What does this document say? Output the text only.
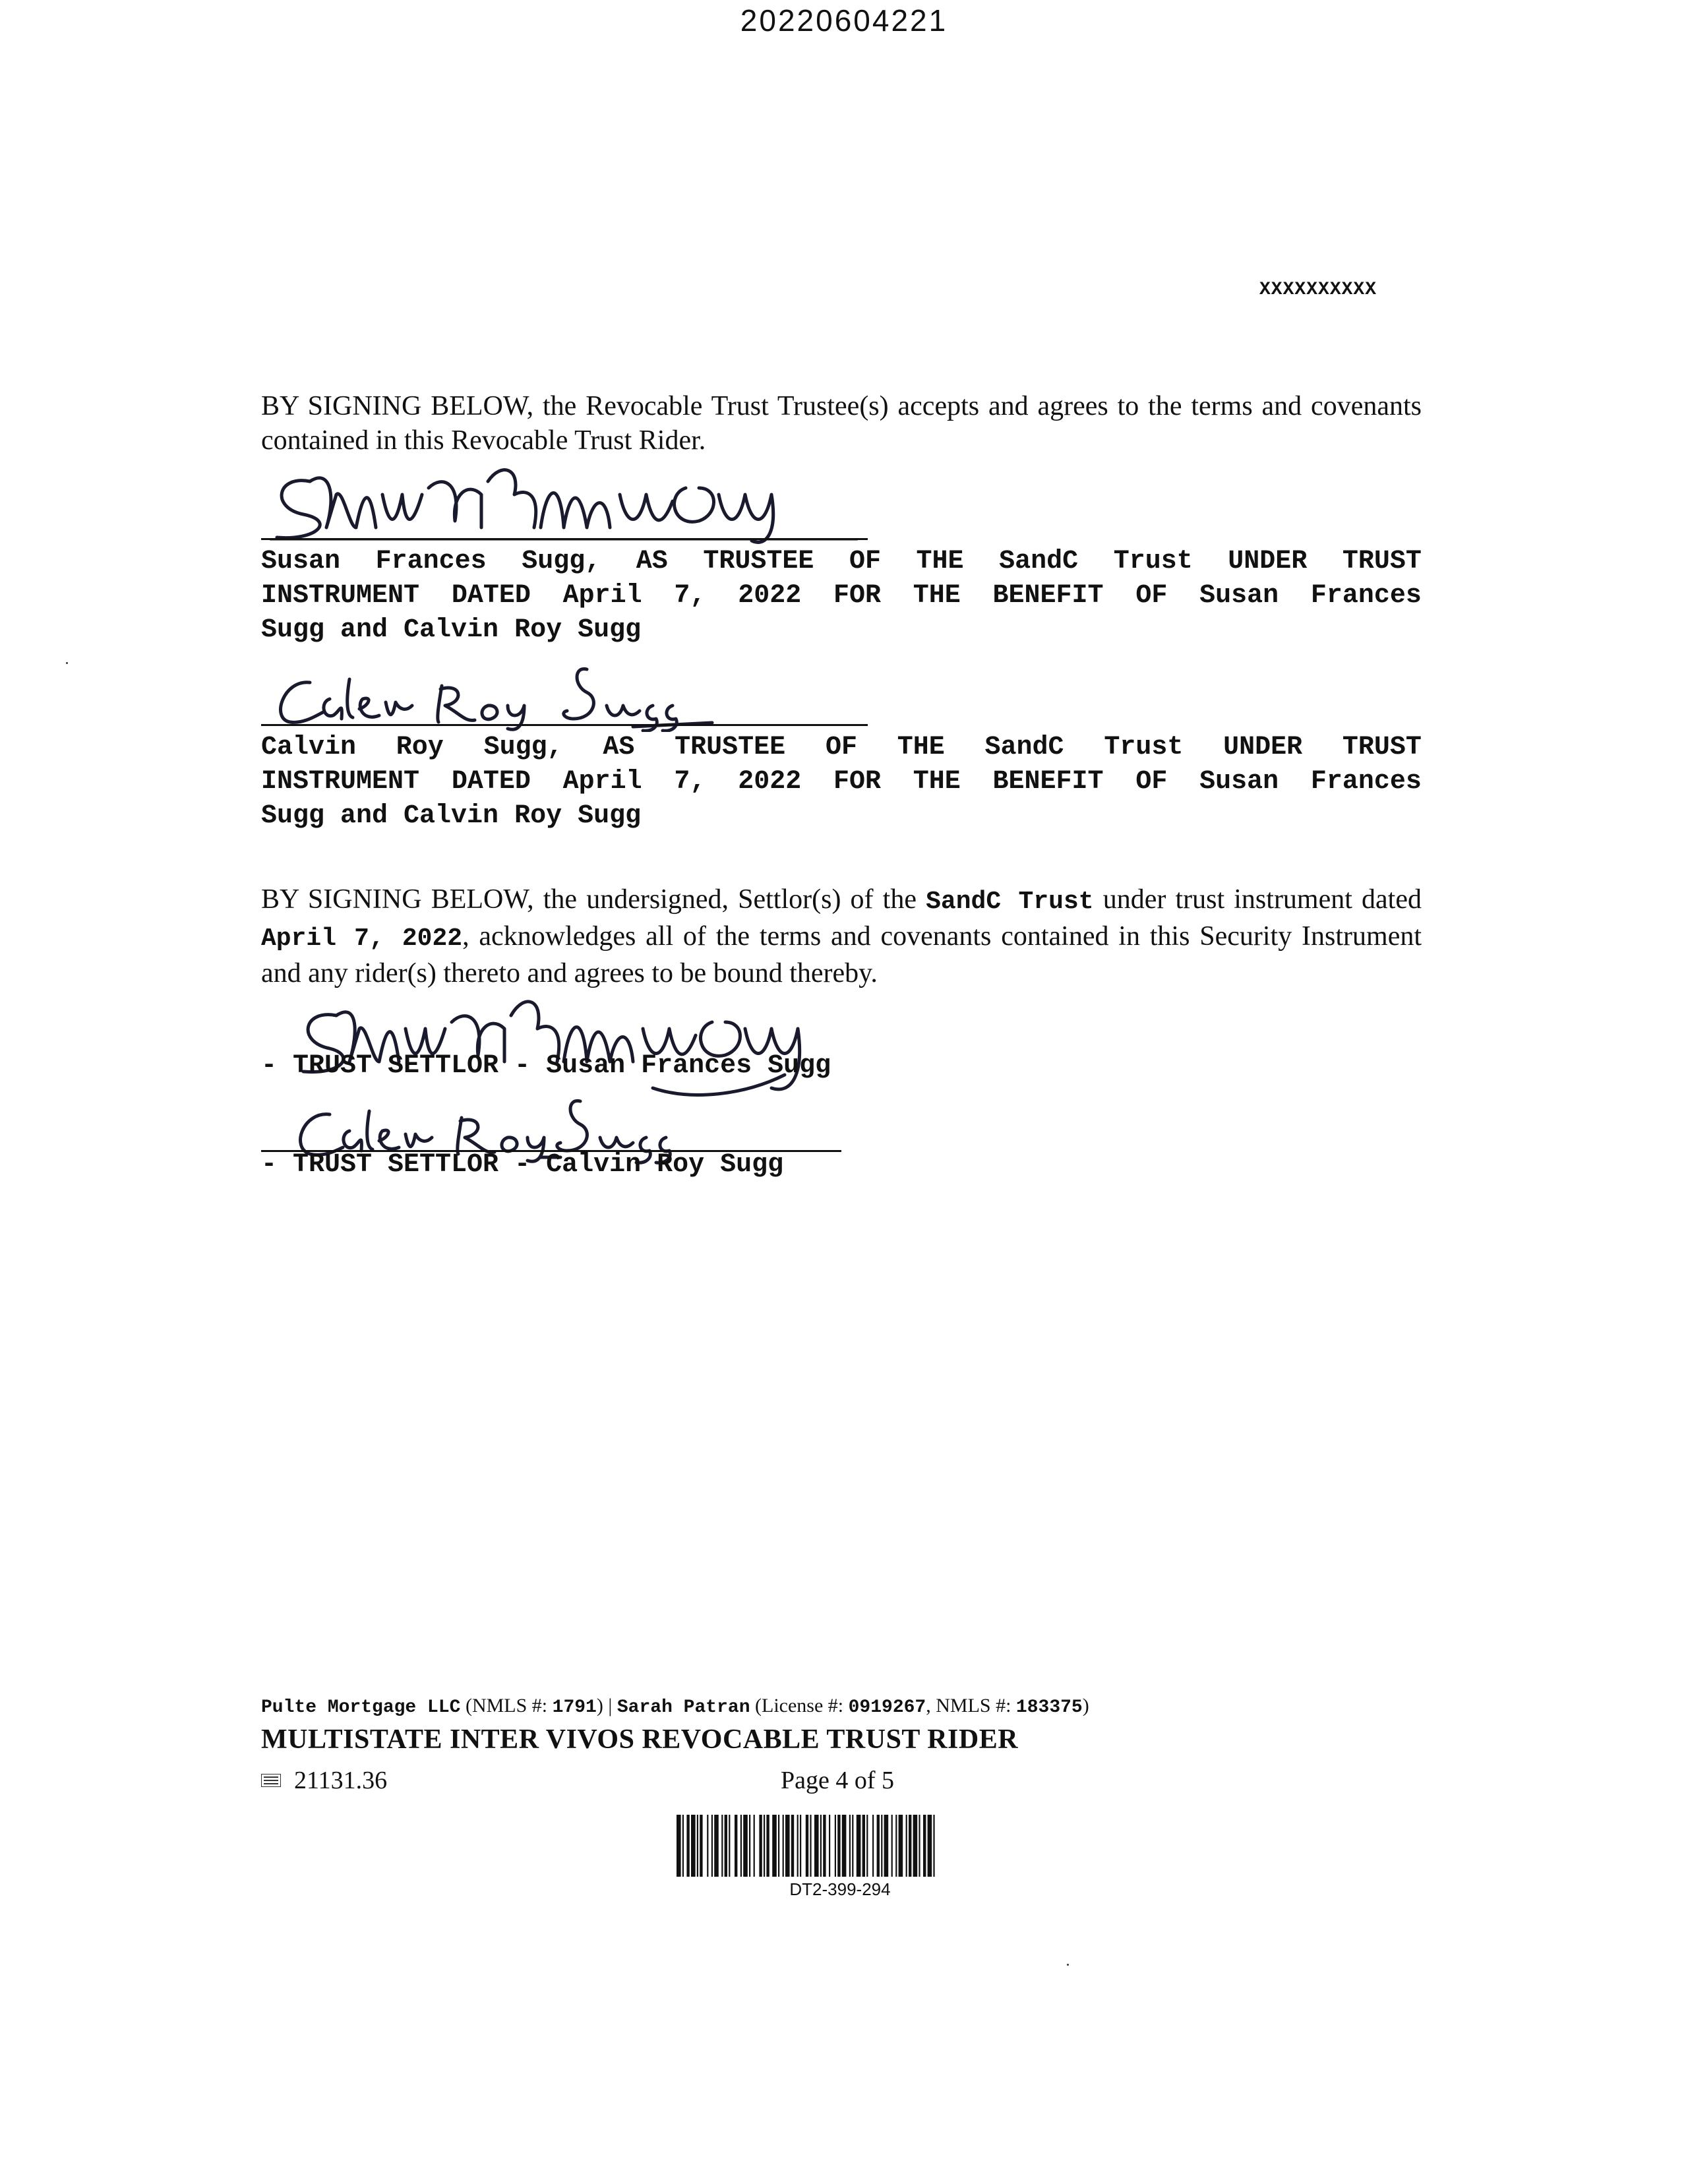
20220604221
XXXXXXXXXX
BY SIGNING BELOW, the Revocable Trust Trustee(s) accepts and agrees to the terms and covenants contained in this Revocable Trust Rider.
Susan Frances Sugg, AS TRUSTEE OF THE SandC Trust UNDER TRUST
INSTRUMENT DATED April 7, 2022 FOR THE BENEFIT OF Susan Frances
Sugg and Calvin Roy Sugg
Calvin Roy Sugg, AS TRUSTEE OF THE SandC Trust UNDER TRUST
INSTRUMENT DATED April 7, 2022 FOR THE BENEFIT OF Susan Frances
Sugg and Calvin Roy Sugg
BY SIGNING BELOW, the undersigned, Settlor(s) of the SandC Trust under trust instrument dated April 7, 2022, acknowledges all of the terms and covenants contained in this Security Instrument and any rider(s) thereto and agrees to be bound thereby.
- TRUST SETTLOR - Susan Frances Sugg
- TRUST SETTLOR - Calvin Roy Sugg
Pulte Mortgage LLC (NMLS #: 1791) | Sarah Patran (License #: 0919267, NMLS #: 183375)
MULTISTATE INTER VIVOS REVOCABLE TRUST RIDER
21131.36	Page 4 of 5
DT2-399-294
